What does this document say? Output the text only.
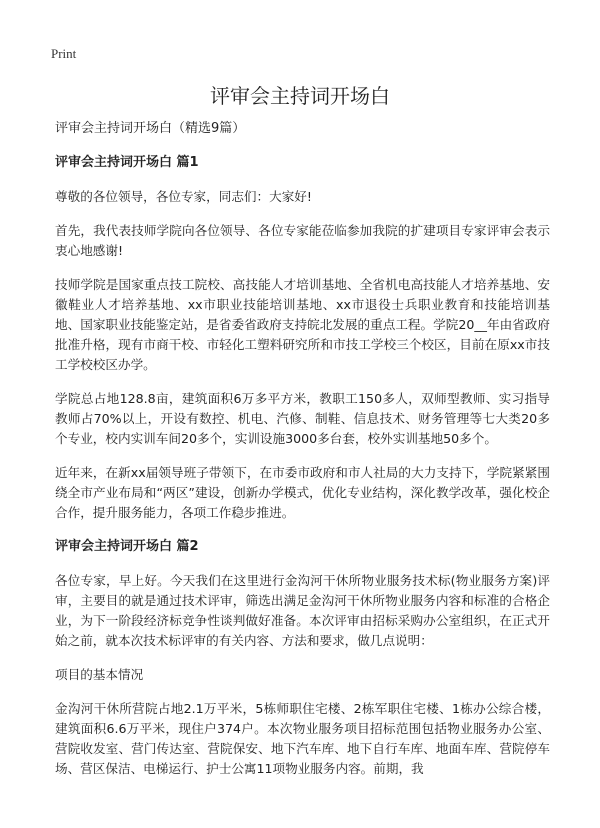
Print
评审会主持词开场白

评审会主持词开场白（精选9篇）

评审会主持词开场白 篇1

尊敬的各位领导，各位专家，同志们：大家好!

首先，我代表技师学院向各位领导、各位专家能莅临参加我院的扩建项目专家评审会表示衷心地感谢!

技师学院是国家重点技工院校、高技能人才培训基地、全省机电高技能人才培养基地、安徽鞋业人才培养基地、xx市职业技能培训基地、xx市退役士兵职业教育和技能培训基地、国家职业技能鉴定站，是省委省政府支持皖北发展的重点工程。学院20__年由省政府批准升格，现有市商干校、市轻化工塑料研究所和市技工学校三个校区，目前在原xx市技工学校校区办学。

学院总占地128.8亩，建筑面积6万多平方米，教职工150多人，双师型教师、实习指导教师占70%以上，开设有数控、机电、汽修、制鞋、信息技术、财务管理等七大类20多个专业，校内实训车间20多个，实训设施3000多台套，校外实训基地50多个。

近年来，在新xx届领导班子带领下，在市委市政府和市人社局的大力支持下，学院紧紧围绕全市产业布局和“两区”建设，创新办学模式，优化专业结构，深化教学改革，强化校企合作，提升服务能力，各项工作稳步推进。

评审会主持词开场白 篇2

各位专家，早上好。今天我们在这里进行金沟河干休所物业服务技术标(物业服务方案)评审，主要目的就是通过技术评审，筛选出满足金沟河干休所物业服务内容和标准的合格企业，为下一阶段经济标竞争性谈判做好准备。本次评审由招标采购办公室组织，在正式开始之前，就本次技术标评审的有关内容、方法和要求，做几点说明：

项目的基本情况

金沟河干休所营院占地2.1万平米，5栋师职住宅楼、2栋军职住宅楼、1栋办公综合楼，建筑面积6.6万平米，现住户374户。本次物业服务项目招标范围包括物业服务办公室、营院收发室、营门传达室、营院保安、地下汽车库、地下自行车库、地面车库、营院停车场、营区保洁、电梯运行、护士公寓11项物业服务内容。前期，我
